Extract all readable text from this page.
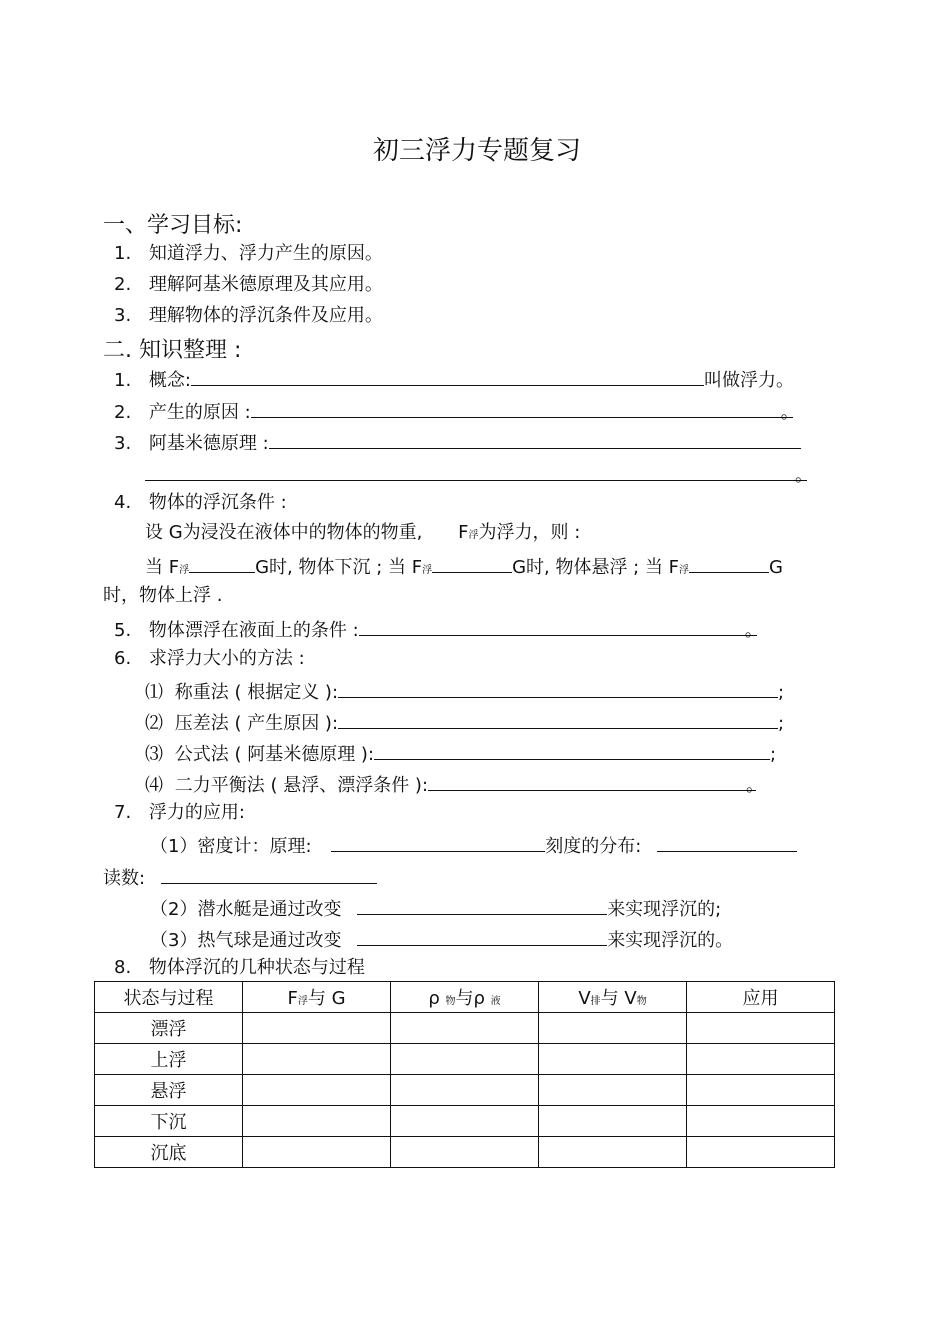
初三浮力专题复习
一、学习目标:
1. 知道浮力、浮力产生的原因。
2. 理解阿基米德原理及其应用。
3. 理解物体的浮沉条件及应用。
二. 知识整理 :
1. 概念:	叫做浮力。
2. 产生的原因 :	。
3. 阿基米德原理 :
。
4. 物体的浮沉条件 :
设 G为浸没在液体中的物体的物重, F浮为浮力，则 :
当 F浮	G时, 物体下沉 ; 当 F浮	G时, 物体悬浮 ; 当 F浮	G
时，物体上浮 .
5. 物体漂浮在液面上的条件 :	。
6. 求浮力大小的方法 :
⑴ 称重法 ( 根据定义 ):	;
⑵ 压差法 ( 产生原因 ):	;
⑶ 公式法 ( 阿基米德原理 ):	;
⑷ 二力平衡法 ( 悬浮、漂浮条件 ):	。
7. 浮力的应用:
（1）密度计：原理:	刻度的分布:
读数:
（2）潜水艇是通过改变	来实现浮沉的;
（3）热气球是通过改变	来实现浮沉的。
8. 物体浮沉的几种状态与过程
状态与过程	F浮与 G	ρ 物与ρ 液	V排与 V物	应用
漂浮				
上浮				
悬浮				
下沉				
沉底				
